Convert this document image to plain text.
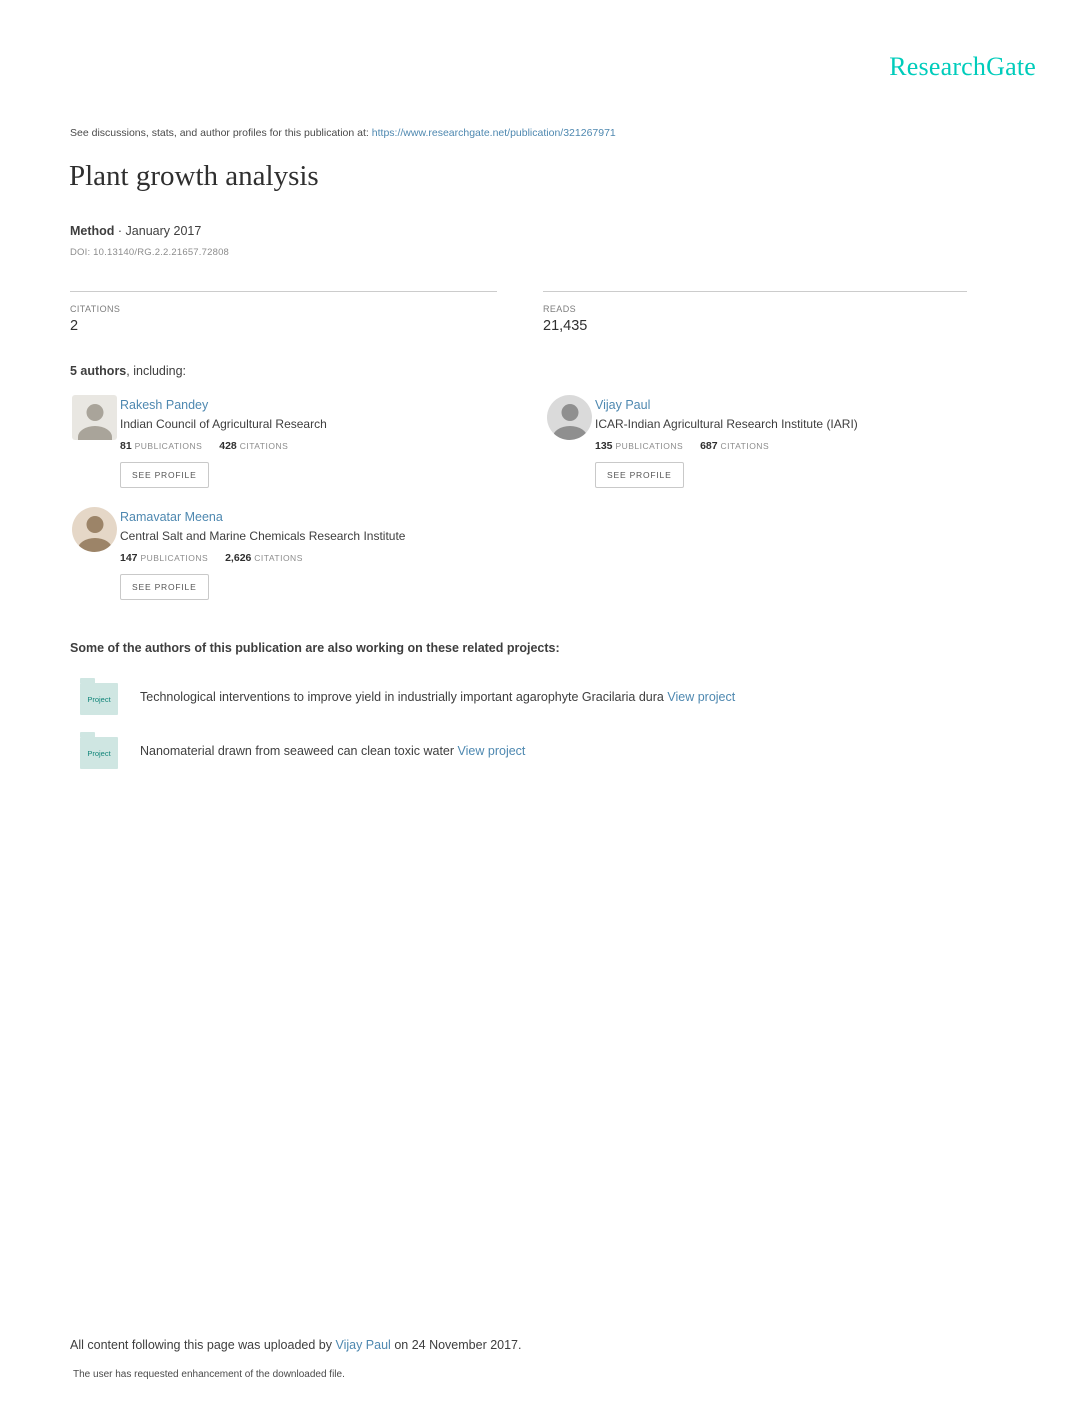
ResearchGate
See discussions, stats, and author profiles for this publication at: https://www.researchgate.net/publication/321267971
Plant growth analysis
Method · January 2017
DOI: 10.13140/RG.2.2.21657.72808
CITATIONS
2
READS
21,435
5 authors, including:
Rakesh Pandey
Indian Council of Agricultural Research
81 PUBLICATIONS 428 CITATIONS
SEE PROFILE
Vijay Paul
ICAR-Indian Agricultural Research Institute (IARI)
135 PUBLICATIONS 687 CITATIONS
SEE PROFILE
Ramavatar Meena
Central Salt and Marine Chemicals Research Institute
147 PUBLICATIONS 2,626 CITATIONS
SEE PROFILE
Some of the authors of this publication are also working on these related projects:
Project Technological interventions to improve yield in industrially important agarophyte Gracilaria dura View project
Project Nanomaterial drawn from seaweed can clean toxic water View project
All content following this page was uploaded by Vijay Paul on 24 November 2017.
The user has requested enhancement of the downloaded file.
